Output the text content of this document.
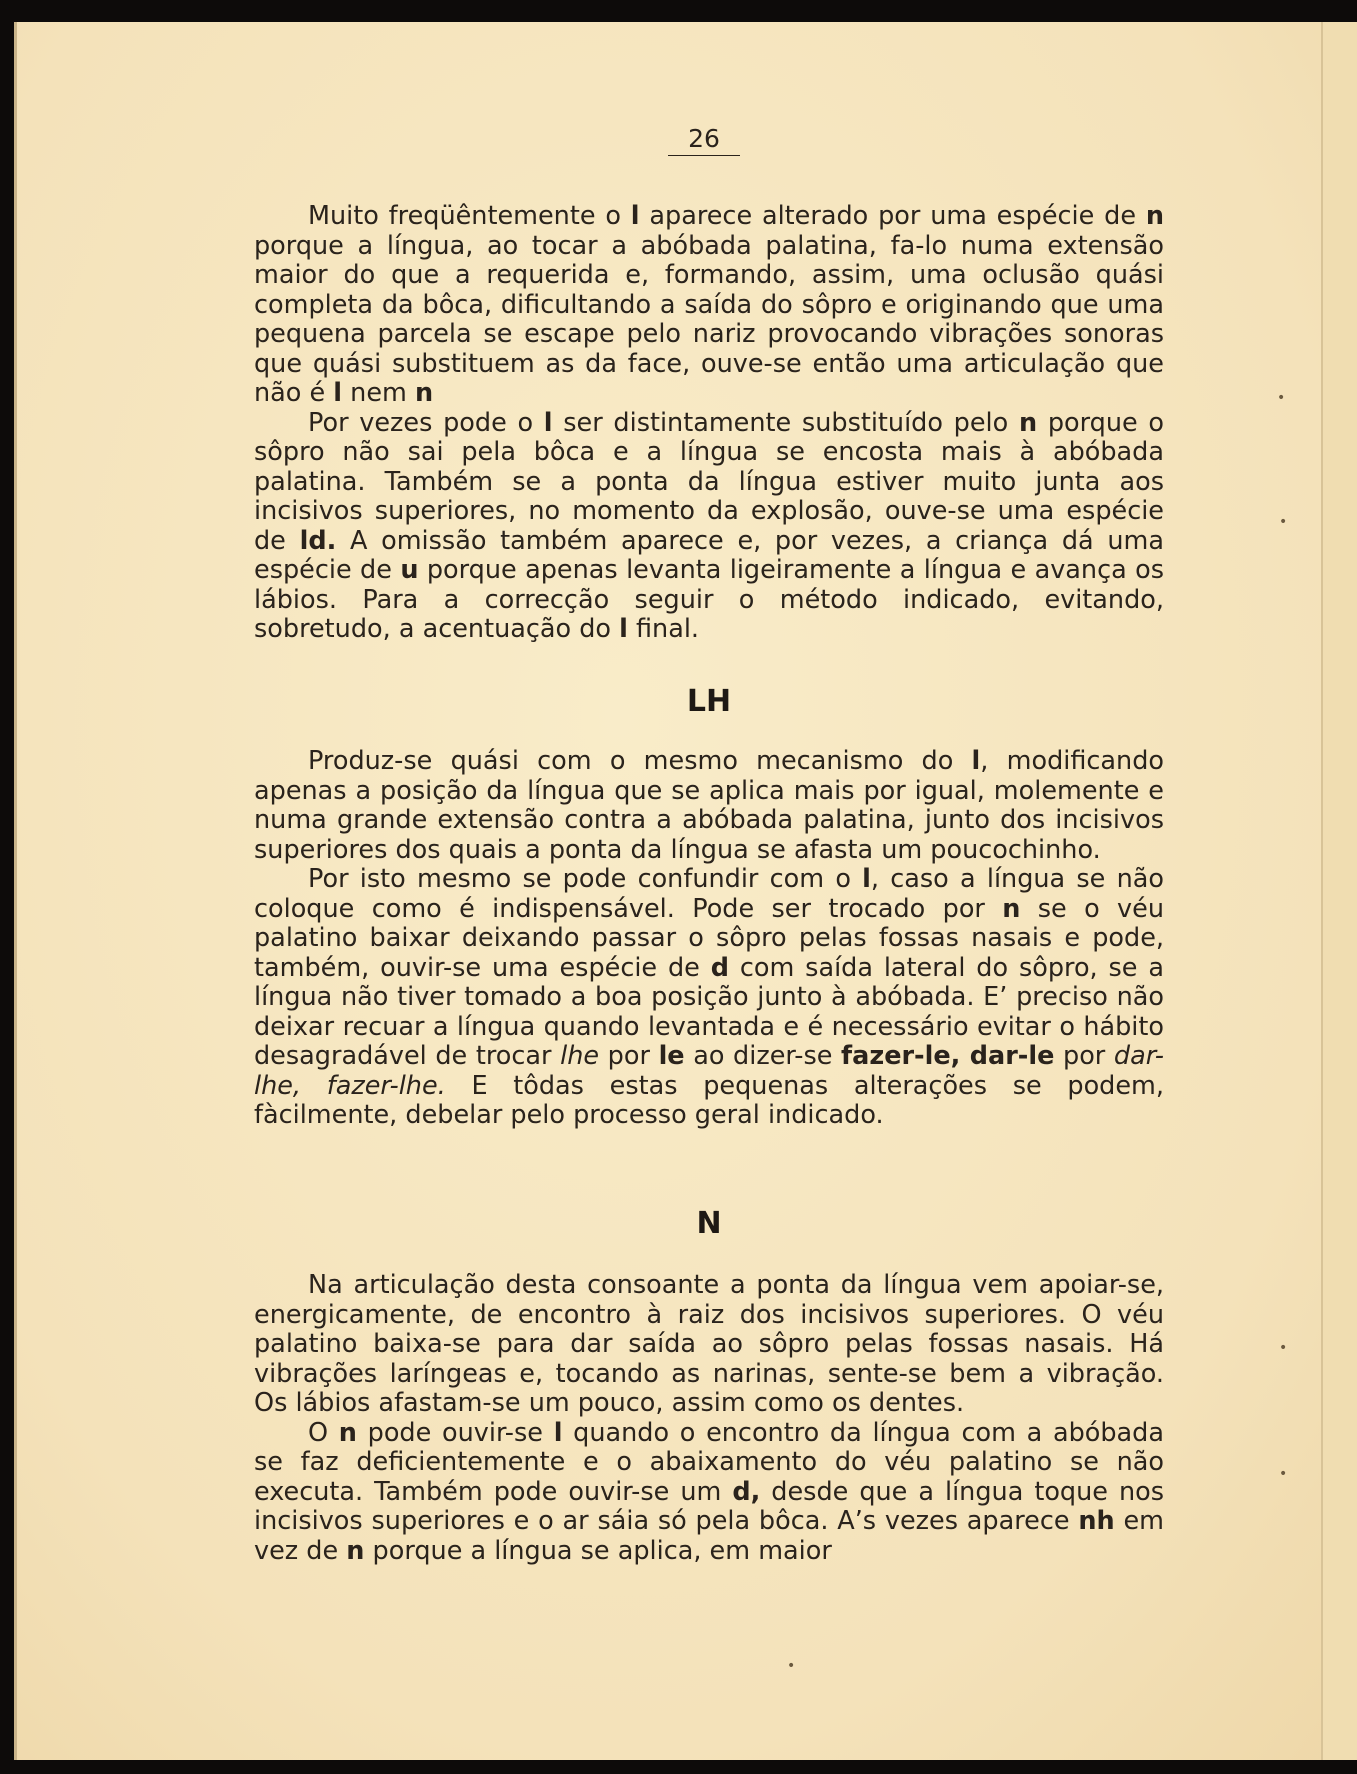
•
•
•
•
•
26

Muito freqüêntemente o l aparece alterado por uma espécie de n porque a língua, ao tocar a abóbada palatina, fa-lo numa extensão maior do que a requerida e, formando, assim, uma oclusão quási completa da bôca, dificultando a saída do sôpro e originando que uma pequena parcela se escape pelo nariz provocando vibrações sonoras que quási substituem as da face, ouve-se então uma articulação que não é l nem n

Por vezes pode o l ser distintamente substituído pelo n porque o sôpro não sai pela bôca e a língua se encosta mais à abóbada palatina. Também se a ponta da língua estiver muito junta aos incisivos superiores, no momento da explosão, ouve-se uma espécie de ld. A omissão também aparece e, por vezes, a criança dá uma espécie de u porque apenas levanta ligeiramente a língua e avança os lábios. Para a correcção seguir o método indicado, evitando, sobretudo, a acentuação do l final.

LH

Produz-se quási com o mesmo mecanismo do l, modificando apenas a posição da língua que se aplica mais por igual, molemente e numa grande extensão contra a abóbada palatina, junto dos incisivos superiores dos quais a ponta da língua se afasta um poucochinho.

Por isto mesmo se pode confundir com o l, caso a língua se não coloque como é indispensável. Pode ser trocado por n se o véu palatino baixar deixando passar o sôpro pelas fossas nasais e pode, também, ouvir-se uma espécie de d com saída lateral do sôpro, se a língua não tiver tomado a boa posição junto à abóbada. E’ preciso não deixar recuar a língua quando levantada e é necessário evitar o hábito desagradável de trocar lhe por le ao dizer-se fazer-le, dar-le por dar-lhe, fazer-lhe. E tôdas estas pequenas alterações se podem, fàcilmente, debelar pelo processo geral indicado.

N

Na articulação desta consoante a ponta da língua vem apoiar-se, energicamente, de encontro à raiz dos incisivos superiores. O véu palatino baixa-se para dar saída ao sôpro pelas fossas nasais. Há vibrações laríngeas e, tocando as narinas, sente-se bem a vibração. Os lábios afastam-se um pouco, assim como os dentes.

O n pode ouvir-se l quando o encontro da língua com a abóbada se faz deficientemente e o abaixamento do véu palatino se não executa. Também pode ouvir-se um d, desde que a língua toque nos incisivos superiores e o ar sáia só pela bôca. A’s vezes aparece nh em vez de n porque a língua se aplica, em maior
